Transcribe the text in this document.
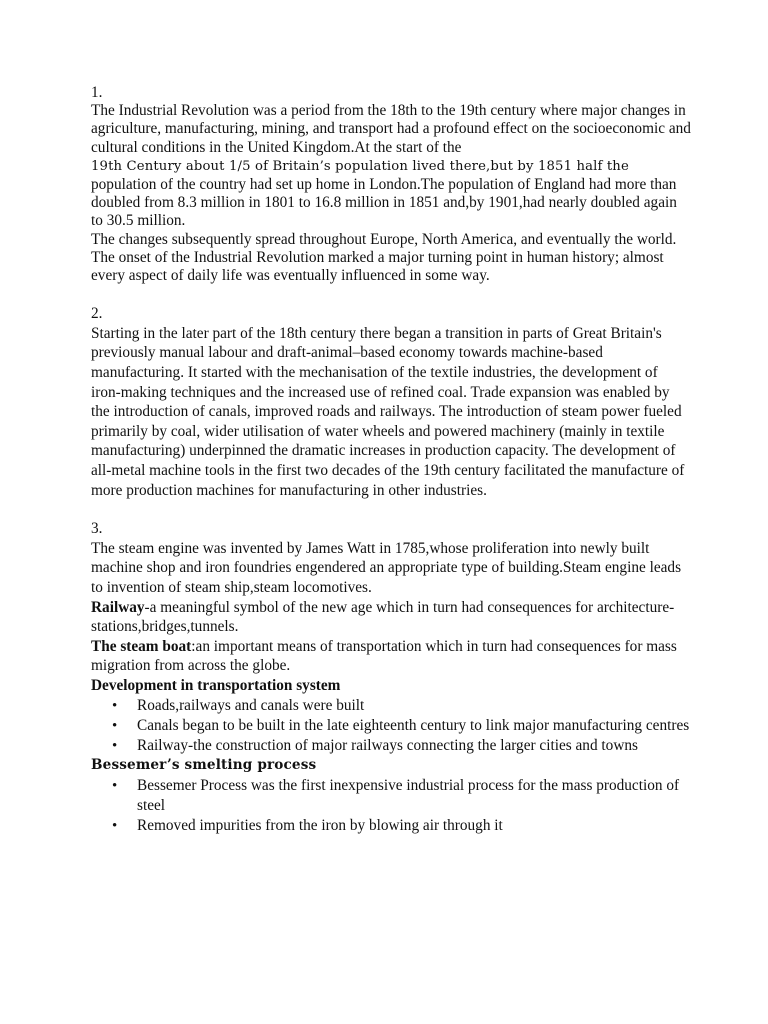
1.

The Industrial Revolution was a period from the 18th to the 19th century where major changes in agriculture, manufacturing, mining, and transport had a profound effect on the socioeconomic and cultural conditions in the United Kingdom.At the start of the
19th Century about 1/5 of Britain’s population lived there,but by 1851 half the
population of the country had set up home in London.The population of England had more than doubled from 8.3 million in 1801 to 16.8 million in 1851 and,by 1901,had nearly doubled again to 30.5 million.

The changes subsequently spread throughout Europe, North America, and eventually the world. The onset of the Industrial Revolution marked a major turning point in human history; almost every aspect of daily life was eventually influenced in some way.

2.

Starting in the later part of the 18th century there began a transition in parts of Great Britain's previously manual labour and draft-animal–based economy towards machine-based manufacturing. It started with the mechanisation of the textile industries, the development of iron-making techniques and the increased use of refined coal. Trade expansion was enabled by the introduction of canals, improved roads and railways. The introduction of steam power fueled primarily by coal, wider utilisation of water wheels and powered machinery (mainly in textile manufacturing) underpinned the dramatic increases in production capacity. The development of all-metal machine tools in the first two decades of the 19th century facilitated the manufacture of more production machines for manufacturing in other industries.

3.

The steam engine was invented by James Watt in 1785,whose proliferation into newly built machine shop and iron foundries engendered an appropriate type of building.Steam engine leads to invention of steam ship,steam locomotives.

Railway-a meaningful symbol of the new age which in turn had consequences for architecture-stations,bridges,tunnels.

The steam boat:an important means of transportation which in turn had consequences for mass migration from across the globe.

Development in transportation system

• Roads,railways and canals were built
• Canals began to be built in the late eighteenth century to link major manufacturing centres
• Railway-the construction of major railways connecting the larger cities and towns

Bessemer’s smelting process

• Bessemer Process was the first inexpensive industrial process for the mass production of steel
• Removed impurities from the iron by blowing air through it
